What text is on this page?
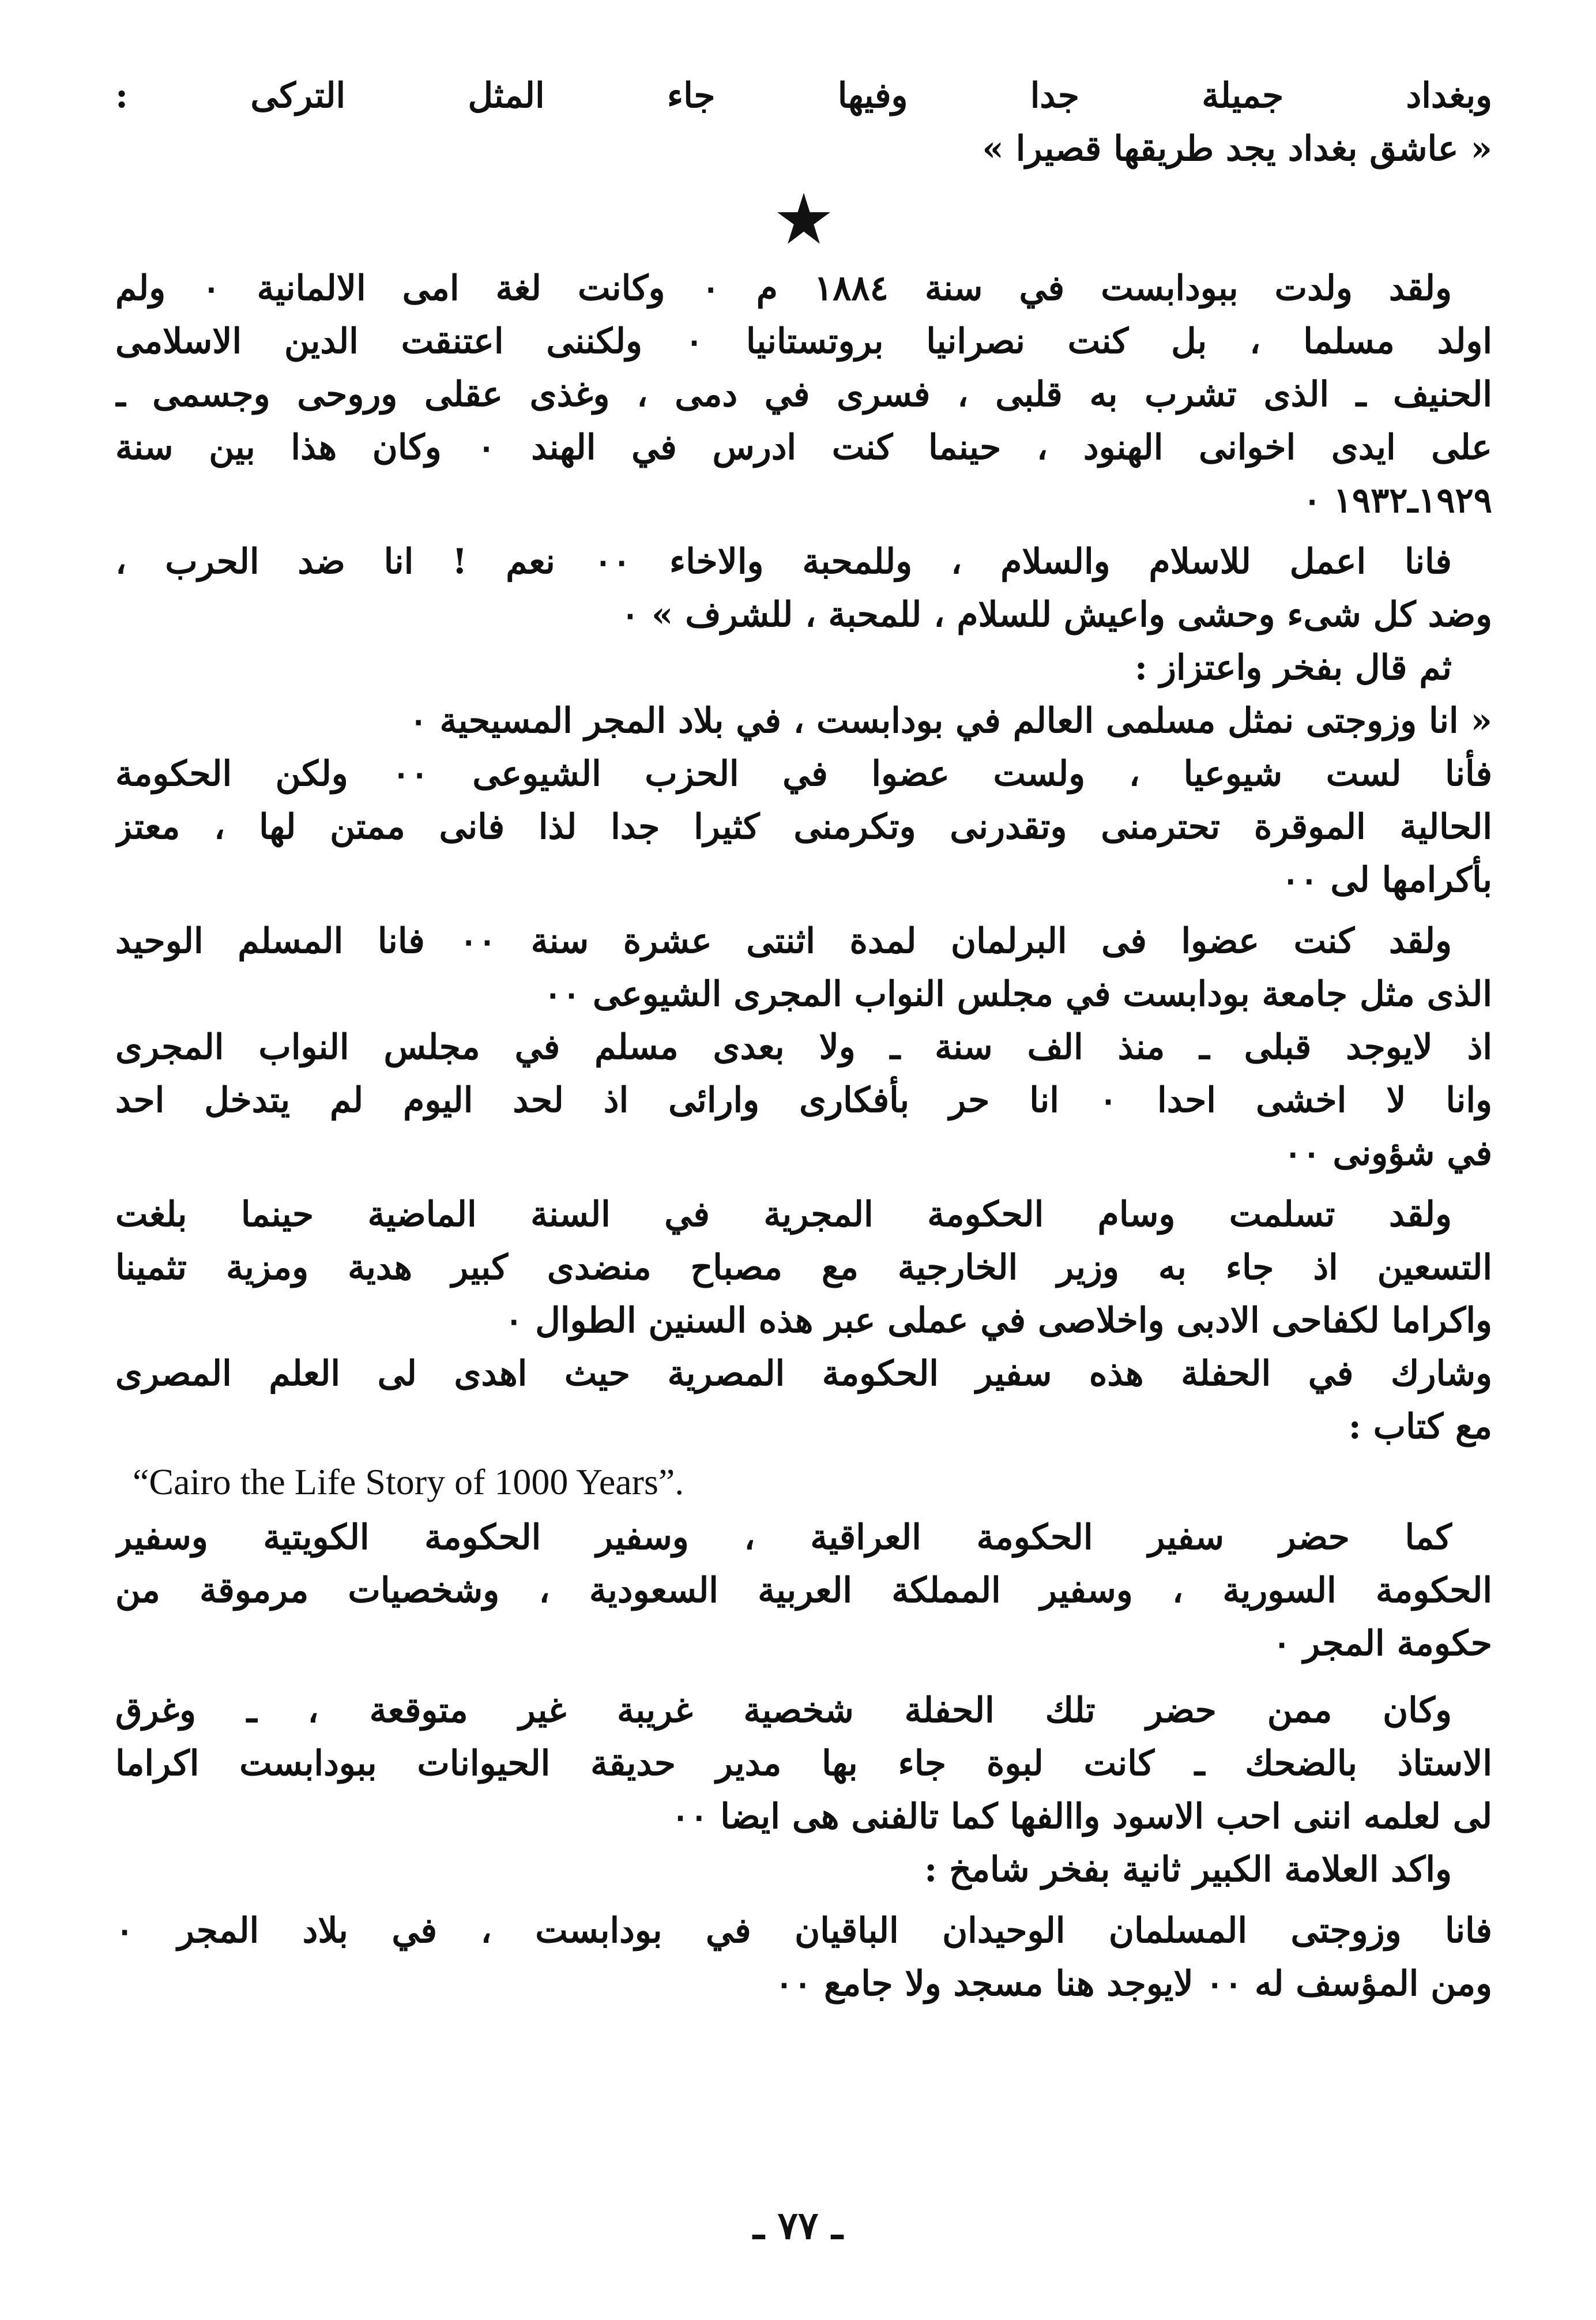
وبغداد جميلة جدا وفيها جاء المثل التركى :
« عاشق بغداد يجد طريقها قصيرا »
ولقد ولدت ببودابست في سنة ١٨٨٤ م ٠ وكانت لغة امى الالمانية ٠ ولم
اولد مسلما ، بل كنت نصرانيا بروتستانيا ٠ ولكننى اعتنقت الدين الاسلامى
الحنيف ـ الذى تشرب به قلبى ، فسرى في دمى ، وغذى عقلى وروحى وجسمى ـ
على ايدى اخوانى الهنود ، حينما كنت ادرس في الهند ٠ وكان هذا بين سنة
١٩٢٩ـ١٩٣٢ ٠
فانا اعمل للاسلام والسلام ، وللمحبة والاخاء ٠٠ نعم ! انا ضد الحرب ،
وضد كل شىء وحشى واعيش للسلام ، للمحبة ، للشرف » ٠
ثم قال بفخر واعتزاز :
« انا وزوجتى نمثل مسلمى العالم في بودابست ، في بلاد المجر المسيحية ٠
فأنا لست شيوعيا ، ولست عضوا في الحزب الشيوعى ٠٠ ولكن الحكومة
الحالية الموقرة تحترمنى وتقدرنى وتكرمنى كثيرا جدا لذا فانى ممتن لها ، معتز
بأكرامها لى ٠٠
ولقد كنت عضوا فى البرلمان لمدة اثنتى عشرة سنة ٠٠ فانا المسلم الوحيد
الذى مثل جامعة بودابست في مجلس النواب المجرى الشيوعى ٠٠
اذ لايوجد قبلى ـ منذ الف سنة ـ ولا بعدى مسلم في مجلس النواب المجرى
وانا لا اخشى احدا ٠ انا حر بأفكارى وارائى اذ لحد اليوم لم يتدخل احد
في شؤونى ٠٠
ولقد تسلمت وسام الحكومة المجرية في السنة الماضية حينما بلغت
التسعين اذ جاء به وزير الخارجية مع مصباح منضدى كبير هدية ومزية تثمينا
واكراما لكفاحى الادبى واخلاصى في عملى عبر هذه السنين الطوال ٠
وشارك في الحفلة هذه سفير الحكومة المصرية حيث اهدى لى العلم المصرى
مع كتاب :
“Cairo the Life Story of 1000 Years”.
كما حضر سفير الحكومة العراقية ، وسفير الحكومة الكويتية وسفير
الحكومة السورية ، وسفير المملكة العربية السعودية ، وشخصيات مرموقة من
حكومة المجر ٠
وكان ممن حضر تلك الحفلة شخصية غريبة غير متوقعة ، ـ وغرق
الاستاذ بالضحك ـ كانت لبوة جاء بها مدير حديقة الحيوانات ببودابست اكراما
لى لعلمه اننى احب الاسود واالفها كما تالفنى هى ايضا ٠٠
واكد العلامة الكبير ثانية بفخر شامخ :
فانا وزوجتى المسلمان الوحيدان الباقيان في بودابست ، في بلاد المجر ٠
ومن المؤسف له ٠٠ لايوجد هنا مسجد ولا جامع ٠٠
ـ ٧٧ ـ
